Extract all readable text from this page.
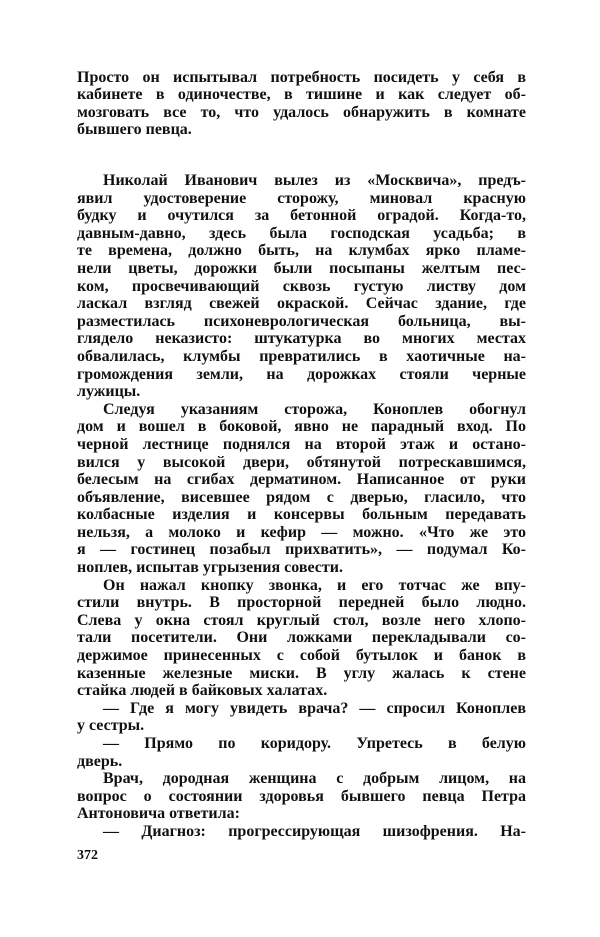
Просто он испытывал потребность посидеть у себя в
кабинете в одиночестве, в тишине и как следует об-
мозговать все то, что удалось обнаружить в комнате
бывшего певца.
Николай Иванович вылез из «Москвича», предъ-
явил удостоверение сторожу, миновал красную
будку и очутился за бетонной оградой. Когда-то,
давным-давно, здесь была господская усадьба; в
те времена, должно быть, на клумбах ярко пламе-
нели цветы, дорожки были посыпаны желтым пес-
ком, просвечивающий сквозь густую листву дом
ласкал взгляд свежей окраской. Сейчас здание, где
разместилась психоневрологическая больница, вы-
глядело неказисто: штукатурка во многих местах
обвалилась, клумбы превратились в хаотичные на-
громождения земли, на дорожках стояли черные
лужицы.
Следуя указаниям сторожа, Коноплев обогнул
дом и вошел в боковой, явно не парадный вход. По
черной лестнице поднялся на второй этаж и остано-
вился у высокой двери, обтянутой потрескавшимся,
белесым на сгибах дерматином. Написанное от руки
объявление, висевшее рядом с дверью, гласило, что
колбасные изделия и консервы больным передавать
нельзя, а молоко и кефир — можно. «Что же это
я — гостинец позабыл прихватить», — подумал Ко-
ноплев, испытав угрызения совести.
Он нажал кнопку звонка, и его тотчас же впу-
стили внутрь. В просторной передней было людно.
Слева у окна стоял круглый стол, возле него хлопо-
тали посетители. Они ложками перекладывали со-
держимое принесенных с собой бутылок и банок в
казенные железные миски. В углу жалась к стене
стайка людей в байковых халатах.
— Где я могу увидеть врача? — спросил Коноплев
у сестры.
— Прямо по коридору. Упретесь в белую
дверь.
Врач, дородная женщина с добрым лицом, на
вопрос о состоянии здоровья бывшего певца Петра
Антоновича ответила:
— Диагноз: прогрессирующая шизофрения. На-
372
